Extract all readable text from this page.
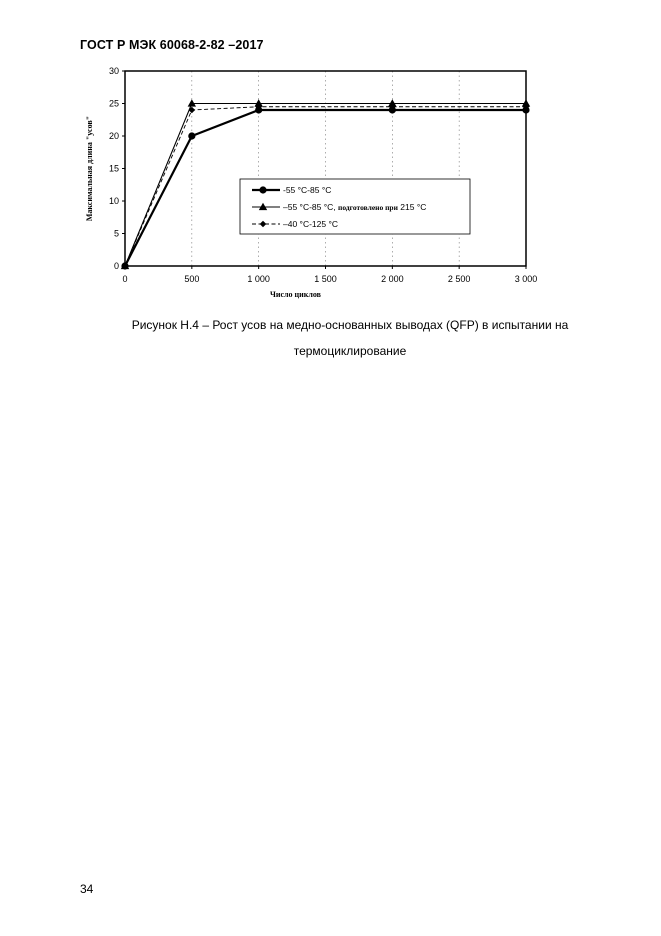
ГОСТ Р МЭК 60068-2-82 –2017
0
5
10
15
20
25
30
0	500	1 000	1 500	2 000	2 500	3 000
Число циклов
Максимальная длина "усов"	-55 °C-85 °C
–55 °C-85 °C, подготовлено при 215 °C
–40 °C-125 °C
Рисунок Н.4 – Рост усов на медно-основанных выводах (QFP) в испытании на
термоциклирование
34
